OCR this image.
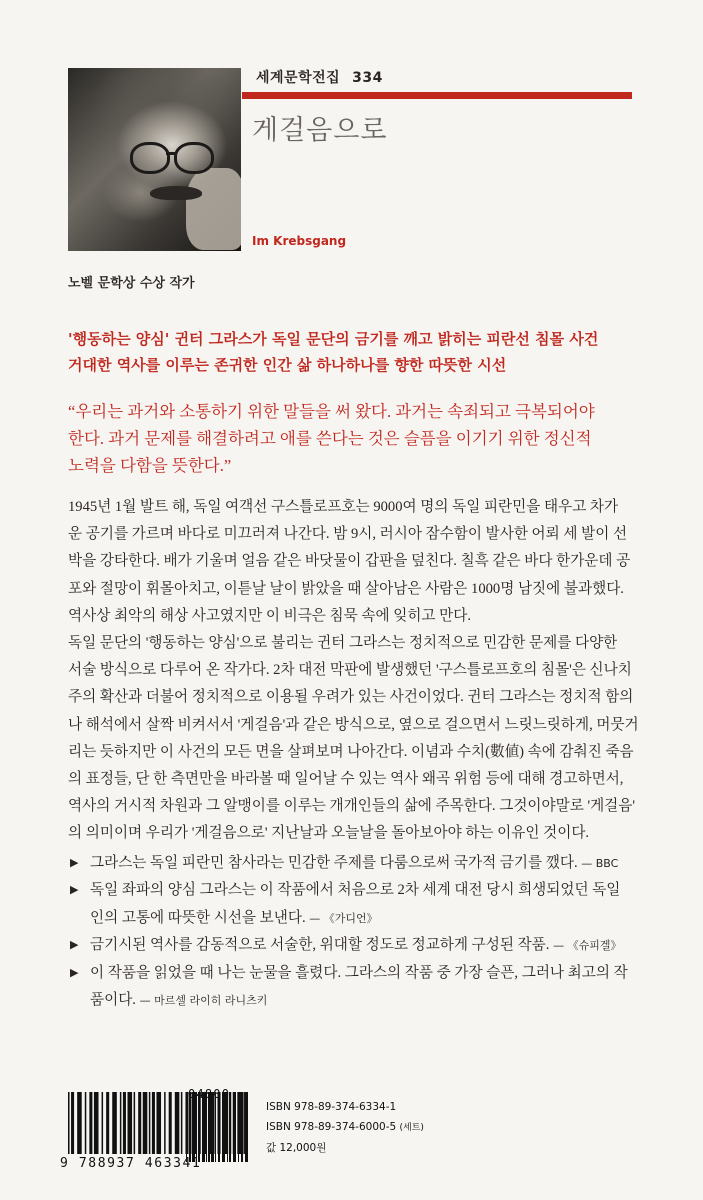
세계문학전집 334
게걸음으로
Im Krebsgang
노벨 문학상 수상 작가
'행동하는 양심' 귄터 그라스가 독일 문단의 금기를 깨고 밝히는 피란선 침몰 사건
거대한 역사를 이루는 존귀한 인간 삶 하나하나를 향한 따뜻한 시선
“우리는 과거와 소통하기 위한 말들을 써 왔다. 과거는 속죄되고 극복되어야
한다. 과거 문제를 해결하려고 애를 쓴다는 것은 슬픔을 이기기 위한 정신적
노력을 다함을 뜻한다.”
1945년 1월 발트 해, 독일 여객선 구스틀로프호는 9000여 명의 독일 피란민을 태우고 차가
운 공기를 가르며 바다로 미끄러져 나간다. 밤 9시, 러시아 잠수함이 발사한 어뢰 세 발이 선
박을 강타한다. 배가 기울며 얼음 같은 바닷물이 갑판을 덮친다. 칠흑 같은 바다 한가운데 공
포와 절망이 휘몰아치고, 이튿날 날이 밝았을 때 살아남은 사람은 1000명 남짓에 불과했다.
역사상 최악의 해상 사고였지만 이 비극은 침묵 속에 잊히고 만다.
독일 문단의 '행동하는 양심'으로 불리는 귄터 그라스는 정치적으로 민감한 문제를 다양한
서술 방식으로 다루어 온 작가다. 2차 대전 막판에 발생했던 '구스틀로프호의 침몰'은 신나치
주의 확산과 더불어 정치적으로 이용될 우려가 있는 사건이었다. 귄터 그라스는 정치적 함의
나 해석에서 살짝 비켜서서 '게걸음'과 같은 방식으로, 옆으로 걸으면서 느릿느릿하게, 머뭇거
리는 듯하지만 이 사건의 모든 면을 살펴보며 나아간다. 이념과 수치(數値) 속에 감춰진 죽음
의 표정들, 단 한 측면만을 바라볼 때 일어날 수 있는 역사 왜곡 위험 등에 대해 경고하면서,
역사의 거시적 차원과 그 알맹이를 이루는 개개인들의 삶에 주목한다. 그것이야말로 '게걸음'
의 의미이며 우리가 '게걸음으로' 지난날과 오늘날을 돌아보아야 하는 이유인 것이다.
▶ 그라스는 독일 피란민 참사라는 민감한 주제를 다룸으로써 국가적 금기를 깼다. — BBC
▶ 독일 좌파의 양심 그라스는 이 작품에서 처음으로 2차 세계 대전 당시 희생되었던 독일
인의 고통에 따뜻한 시선을 보낸다. — 《가디언》
▶ 금기시된 역사를 감동적으로 서술한, 위대할 정도로 정교하게 구성된 작품. — 《슈피겔》
▶ 이 작품을 읽었을 때 나는 눈물을 흘렸다. 그라스의 작품 중 가장 슬픈, 그러나 최고의 작
품이다. — 마르셀 라이히 라니츠키
04800
9 788937 463341
ISBN 978-89-374-6334-1
ISBN 978-89-374-6000-5 (세트)
값 12,000원
